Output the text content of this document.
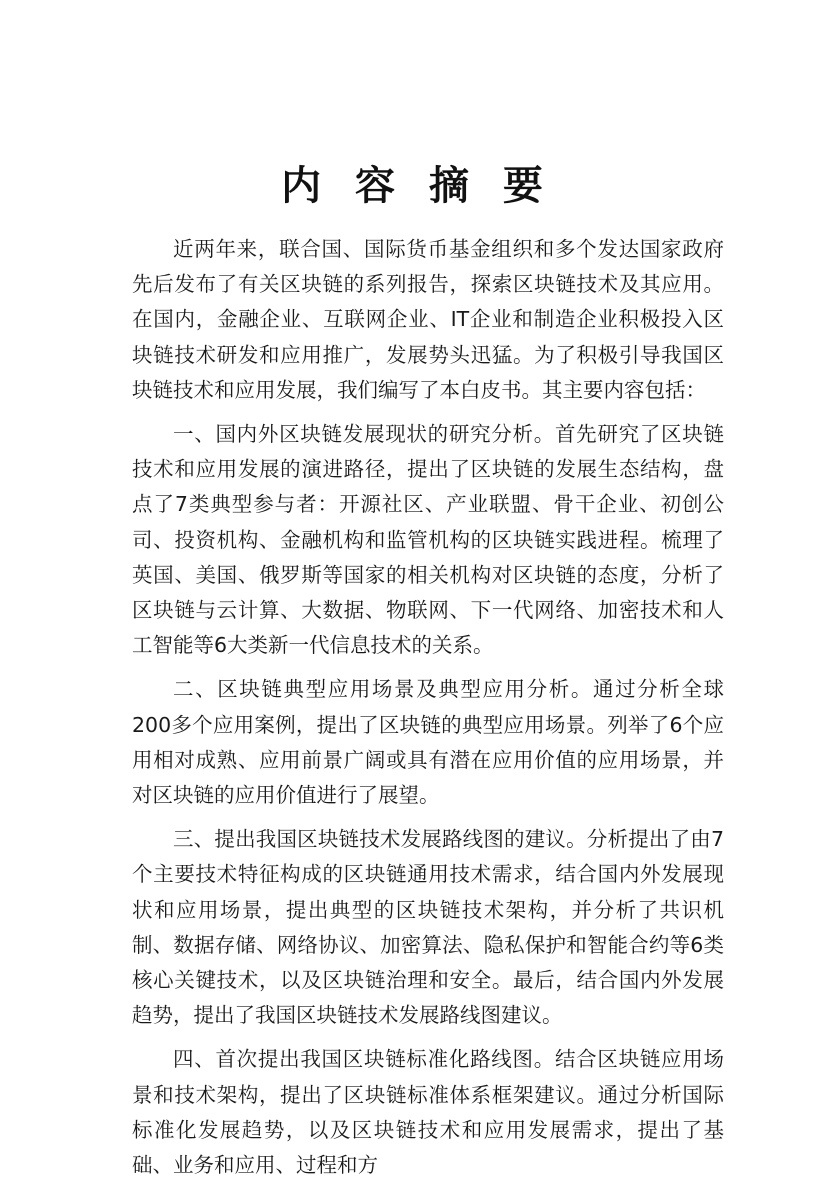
内 容 摘 要

近两年来，联合国、国际货币基金组织和多个发达国家政府先后发布了有关区块链的系列报告，探索区块链技术及其应用。在国内，金融企业、互联网企业、IT企业和制造企业积极投入区块链技术研发和应用推广，发展势头迅猛。为了积极引导我国区块链技术和应用发展，我们编写了本白皮书。其主要内容包括：

一、国内外区块链发展现状的研究分析。首先研究了区块链技术和应用发展的演进路径，提出了区块链的发展生态结构，盘点了7类典型参与者：开源社区、产业联盟、骨干企业、初创公司、投资机构、金融机构和监管机构的区块链实践进程。梳理了英国、美国、俄罗斯等国家的相关机构对区块链的态度，分析了区块链与云计算、大数据、物联网、下一代网络、加密技术和人工智能等6大类新一代信息技术的关系。

二、区块链典型应用场景及典型应用分析。通过分析全球200多个应用案例，提出了区块链的典型应用场景。列举了6个应用相对成熟、应用前景广阔或具有潜在应用价值的应用场景，并对区块链的应用价值进行了展望。

三、提出我国区块链技术发展路线图的建议。分析提出了由7个主要技术特征构成的区块链通用技术需求，结合国内外发展现状和应用场景，提出典型的区块链技术架构，并分析了共识机制、数据存储、网络协议、加密算法、隐私保护和智能合约等6类核心关键技术，以及区块链治理和安全。最后，结合国内外发展趋势，提出了我国区块链技术发展路线图建议。

四、首次提出我国区块链标准化路线图。结合区块链应用场景和技术架构，提出了区块链标准体系框架建议。通过分析国际标准化发展趋势，以及区块链技术和应用发展需求，提出了基础、业务和应用、过程和方
